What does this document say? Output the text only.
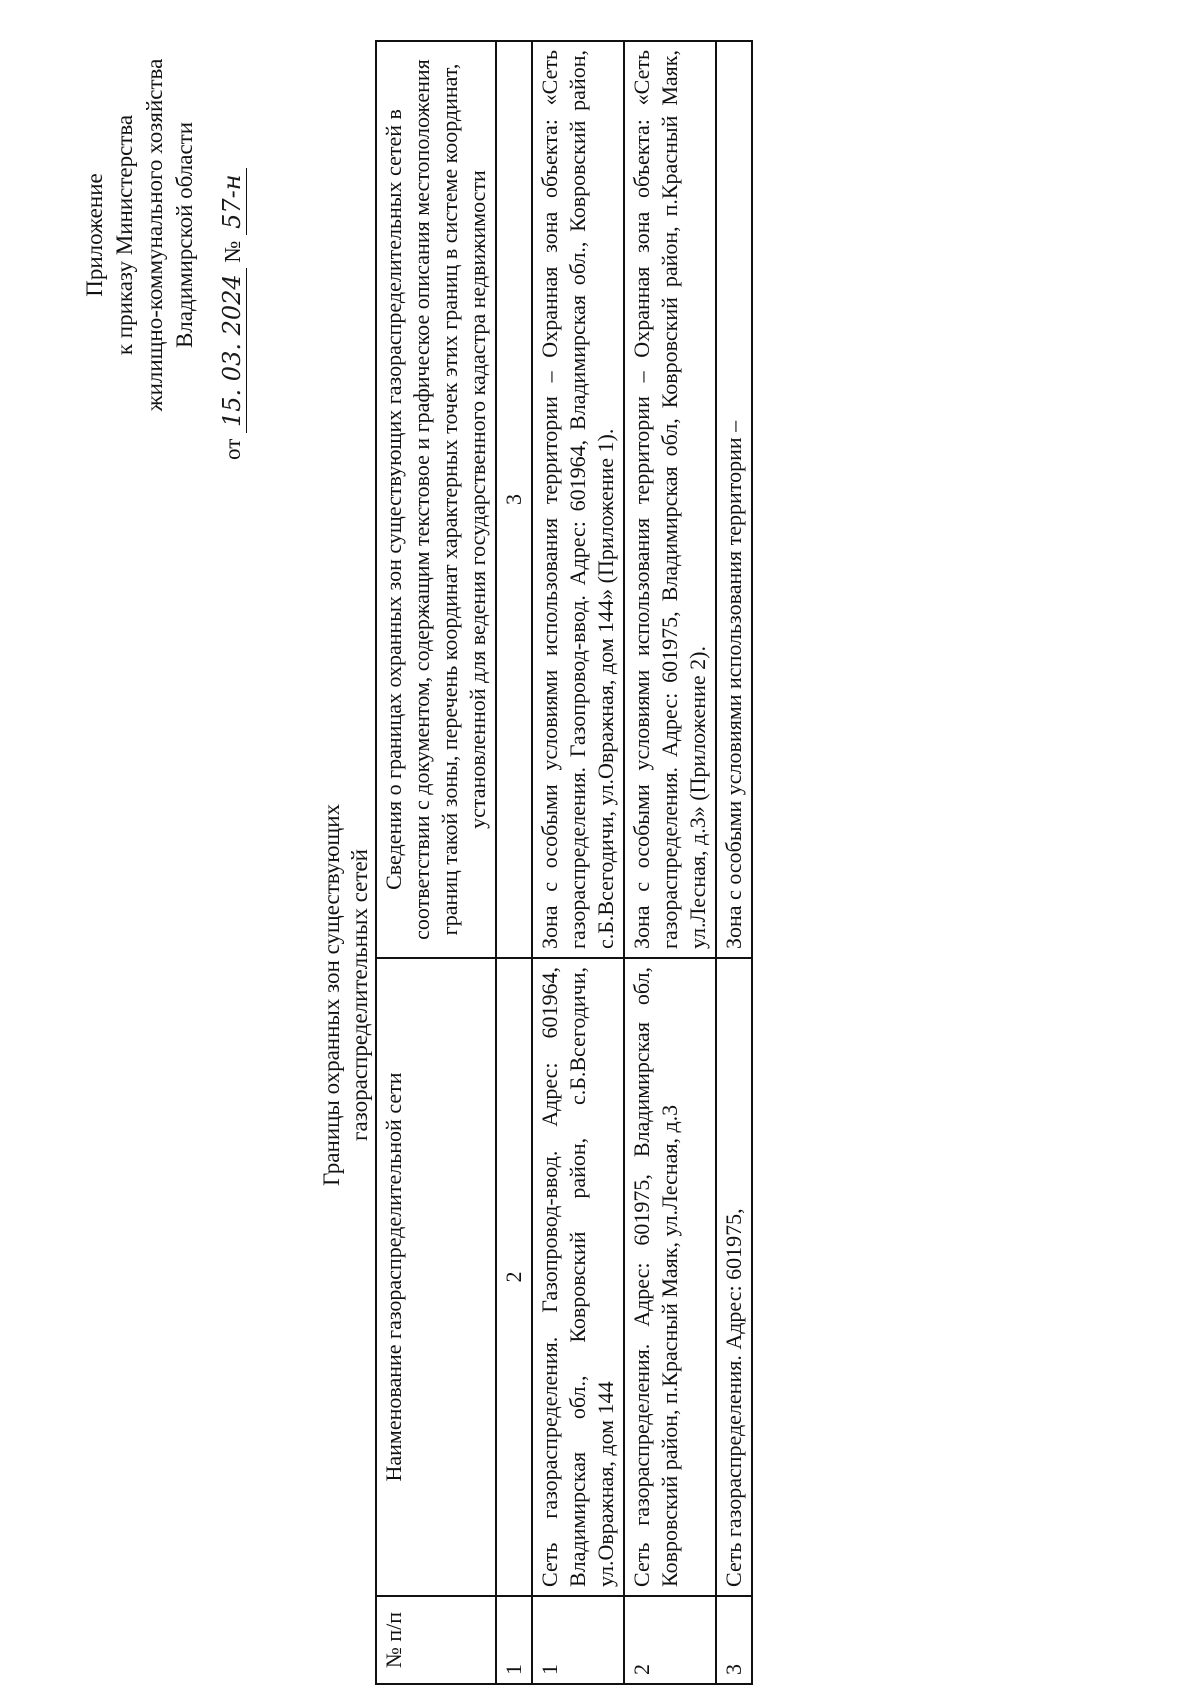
Приложение к приказу Министерства жилищно-коммунального хозяйства Владимирской области
от 15. 03. 2024 № 57-н
Границы охранных зон существующих газораспределительных сетей
№ п/п	Наименование газораспределительной сети	Сведения о границах охранных зон существующих газораспределительных сетей в соответствии с документом, содержащим текстовое и графическое описания местоположения границ такой зоны, перечень координат характерных точек этих границ в системе координат, установленной для ведения государственного кадастра недвижимости
1	2	3
1	Сеть газораспределения. Газопровод-ввод. Адрес: 601964, Владимирская обл., Ковровский район, с.Б.Всегодичи, ул.Овражная, дом 144	Зона с особыми условиями использования территории – Охранная зона объекта: «Сеть газораспределения. Газопровод-ввод. Адрес: 601964, Владимирская обл., Ковровский район, с.Б.Всегодичи, ул.Овражная, дом 144» (Приложение 1).
2	Сеть газораспределения. Адрес: 601975, Владимирская обл, Ковровский район, п.Красный Маяк, ул.Лесная, д.3	Зона с особыми условиями использования территории – Охранная зона объекта: «Сеть газораспределения. Адрес: 601975, Владимирская обл, Ковровский район, п.Красный Маяк, ул.Лесная, д.3» (Приложение 2).
3	Сеть газораспределения. Адрес: 601975,	Зона с особыми условиями использования территории –
